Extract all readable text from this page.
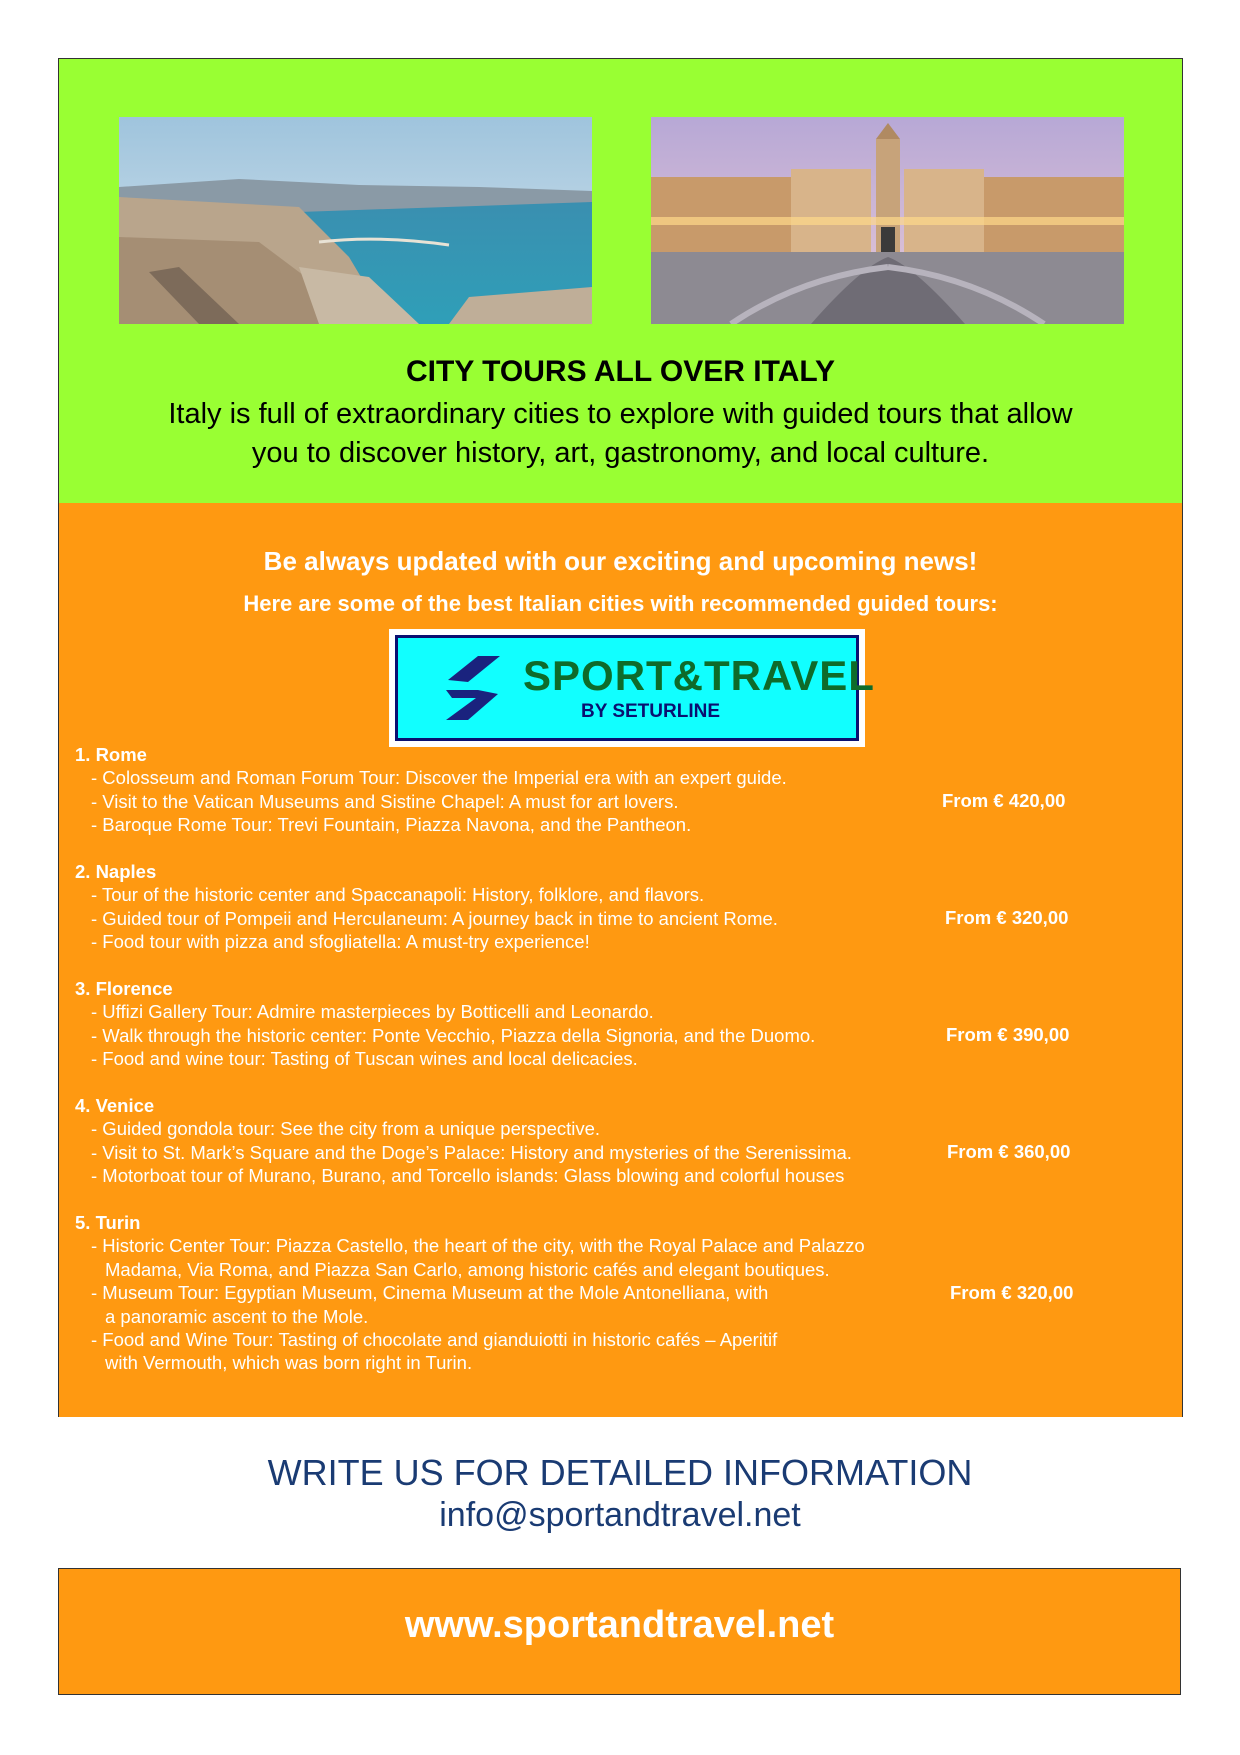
CITY TOURS ALL OVER ITALY
Italy is full of extraordinary cities to explore with guided tours that allow
you to discover history, art, gastronomy, and local culture.
Be always updated with our exciting and upcoming news!
Here are some of the best Italian cities with recommended guided tours:
SPORT&TRAVEL
BY SETURLINE
1. Rome
- Colosseum and Roman Forum Tour: Discover the Imperial era with an expert guide.
- Visit to the Vatican Museums and Sistine Chapel: A must for art lovers.
- Baroque Rome Tour: Trevi Fountain, Piazza Navona, and the Pantheon.
From € 420,00
2. Naples
- Tour of the historic center and Spaccanapoli: History, folklore, and flavors.
- Guided tour of Pompeii and Herculaneum: A journey back in time to ancient Rome.
- Food tour with pizza and sfogliatella: A must-try experience!
From € 320,00
3. Florence
- Uffizi Gallery Tour: Admire masterpieces by Botticelli and Leonardo.
- Walk through the historic center: Ponte Vecchio, Piazza della Signoria, and the Duomo.
- Food and wine tour: Tasting of Tuscan wines and local delicacies.
From € 390,00
4. Venice
- Guided gondola tour: See the city from a unique perspective.
- Visit to St. Mark’s Square and the Doge’s Palace: History and mysteries of the Serenissima.
- Motorboat tour of Murano, Burano, and Torcello islands: Glass blowing and colorful houses
From € 360,00
5. Turin
- Historic Center Tour: Piazza Castello, the heart of the city, with the Royal Palace and Palazzo
Madama, Via Roma, and Piazza San Carlo, among historic cafés and elegant boutiques.
- Museum Tour: Egyptian Museum, Cinema Museum at the Mole Antonelliana, with
a panoramic ascent to the Mole.
- Food and Wine Tour: Tasting of chocolate and gianduiotti in historic cafés – Aperitif
with Vermouth, which was born right in Turin.
From € 320,00
WRITE US FOR DETAILED INFORMATION
info@sportandtravel.net
www.sportandtravel.net
